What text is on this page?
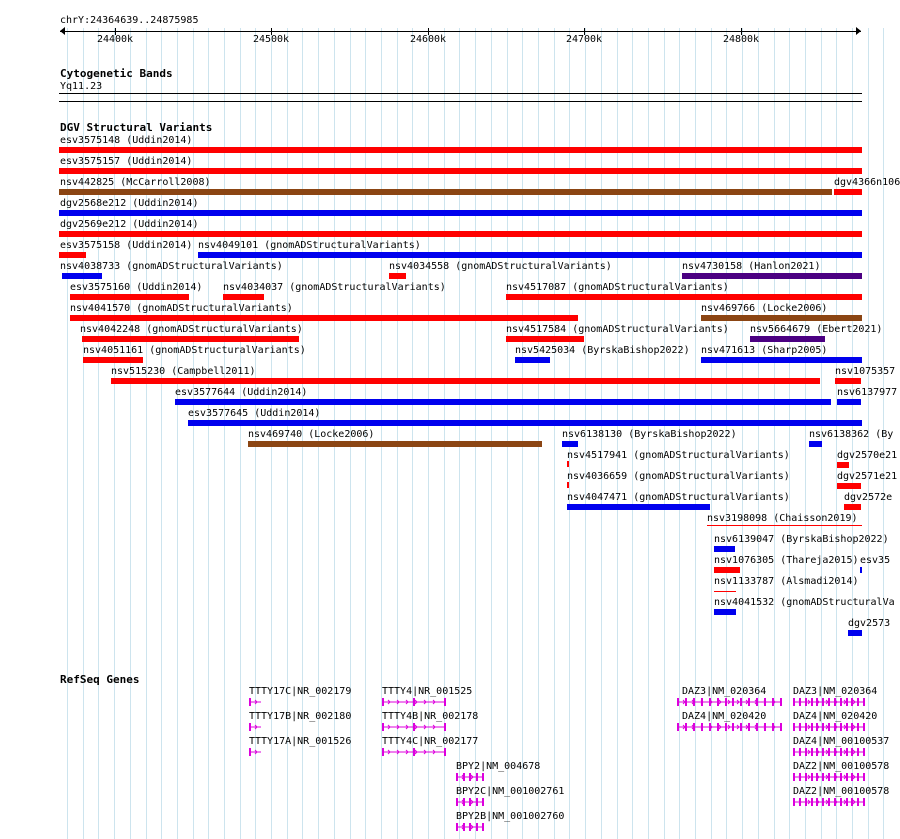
chrY:24364639..24875985
24400k	24500k	24600k	24700k	24800k
Cytogenetic Bands
Yq11.23
DGV Structural Variants
esv3575148 (Uddin2014)
esv3575157 (Uddin2014)
nsv442825 (McCarroll2008)	dgv4366n106
dgv2568e212 (Uddin2014)
dgv2569e212 (Uddin2014)
esv3575158 (Uddin2014) nsv4049101 (gnomADStructuralVariants)
nsv4038733 (gnomADStructuralVariants)	nsv4034558 (gnomADStructuralVariants)	nsv4730158 (Hanlon2021)
esv3575160 (Uddin2014) nsv4034037 (gnomADStructuralVariants)	nsv4517087 (gnomADStructuralVariants)
nsv4041570 (gnomADStructuralVariants)	nsv469766 (Locke2006)
nsv4042248 (gnomADStructuralVariants)	nsv4517584 (gnomADStructuralVariants) nsv5664679 (Ebert2021)
nsv4051161 (gnomADStructuralVariants)	nsv5425034 (ByrskaBishop2022) nsv471613 (Sharp2005)
nsv515230 (Campbell2011)	nsv1075357
esv3577644 (Uddin2014)	nsv6137977
esv3577645 (Uddin2014)
nsv469740 (Locke2006)	nsv6138130 (ByrskaBishop2022)	nsv6138362 (By
nsv4517941 (gnomADStructuralVariants)	dgv2570e21
nsv4036659 (gnomADStructuralVariants)	dgv2571e21
nsv4047471 (gnomADStructuralVariants)	dgv2572e
nsv3198098 (Chaisson2019)
nsv6139047 (ByrskaBishop2022)
nsv1076305 (Thareja2015) esv35
nsv1133787 (Alsmadi2014)
nsv4041532 (gnomADStructuralVa
dgv2573
RefSeq Genes
TTTY17C|NR_002179
TTTY17B|NR_002180
TTTY17A|NR_001526
TTTY4|NR_001525
TTTY4B|NR_002178
TTTY4C|NR_002177
BPY2|NM_004678
BPY2C|NM_001002761
BPY2B|NM_001002760
DAZ3|NM_020364
DAZ4|NM_020420
DAZ3|NM_020364
DAZ4|NM_020420
DAZ4|NM_00100537
DAZ2|NM_00100578
DAZ2|NM_00100578
